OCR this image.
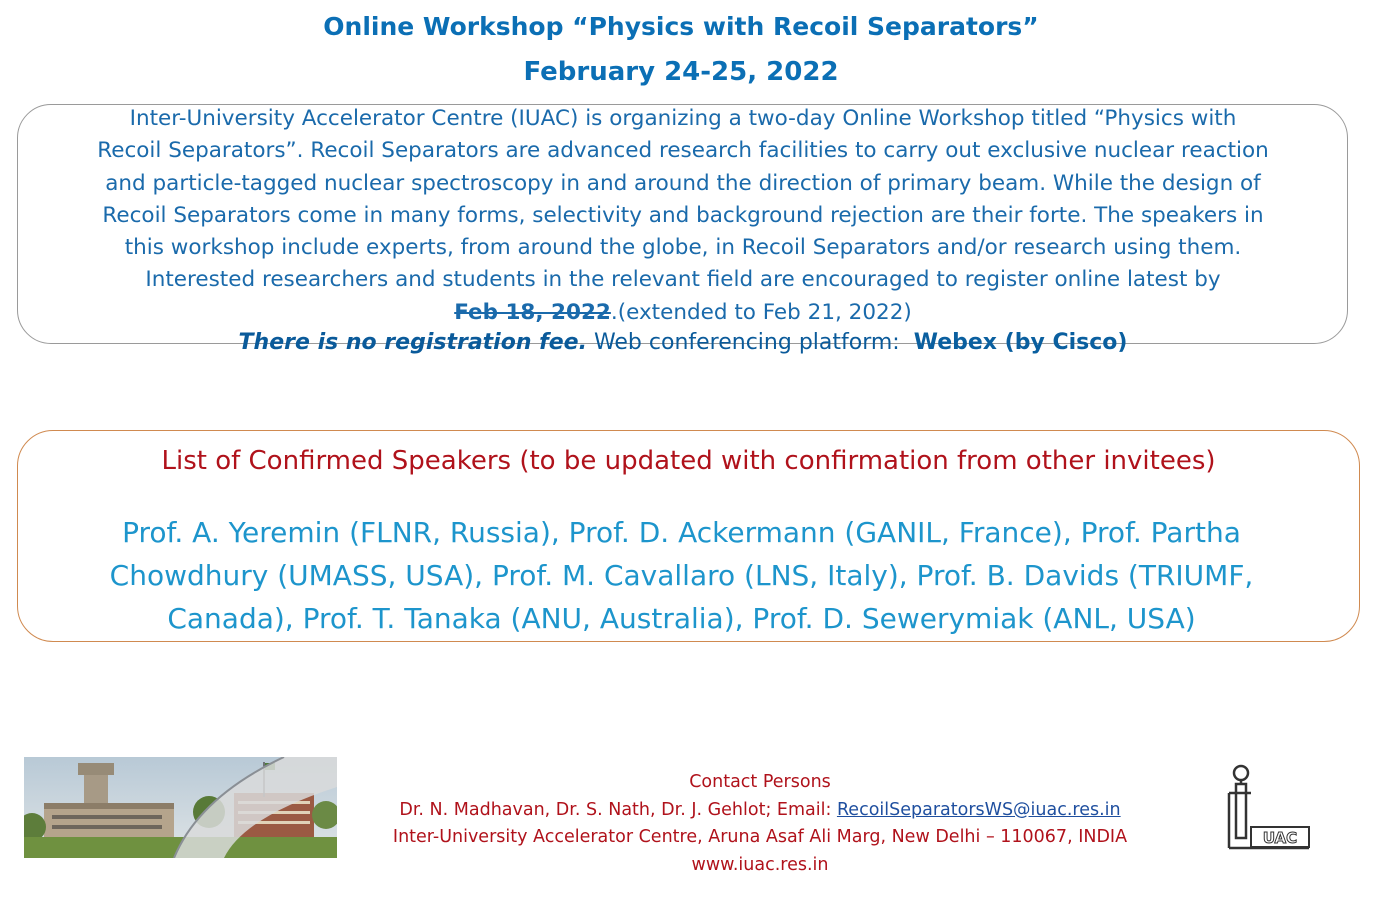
Online Workshop “Physics with Recoil Separators”
February 24-25, 2022
Inter-University Accelerator Centre (IUAC) is organizing a two-day Online Workshop titled “Physics with
Recoil Separators”. Recoil Separators are advanced research facilities to carry out exclusive nuclear reaction
and particle-tagged nuclear spectroscopy in and around the direction of primary beam. While the design of
Recoil Separators come in many forms, selectivity and background rejection are their forte. The speakers in
this workshop include experts, from around the globe, in Recoil Separators and/or research using them.
Interested researchers and students in the relevant field are encouraged to register online latest by
Feb 18, 2022.(extended to Feb 21, 2022)
There is no registration fee. Web conferencing platform: Webex (by Cisco)
List of Confirmed Speakers (to be updated with confirmation from other invitees)
Prof. A. Yeremin (FLNR, Russia), Prof. D. Ackermann (GANIL, France), Prof. Partha
Chowdhury (UMASS, USA), Prof. M. Cavallaro (LNS, Italy), Prof. B. Davids (TRIUMF,
Canada), Prof. T. Tanaka (ANU, Australia), Prof. D. Sewerymiak (ANL, USA)
Contact Persons
Dr. N. Madhavan, Dr. S. Nath, Dr. J. Gehlot; Email: RecoilSeparatorsWS@iuac.res.in
Inter-University Accelerator Centre, Aruna Asaf Ali Marg, New Delhi – 110067, INDIA
www.iuac.res.in
UAC
